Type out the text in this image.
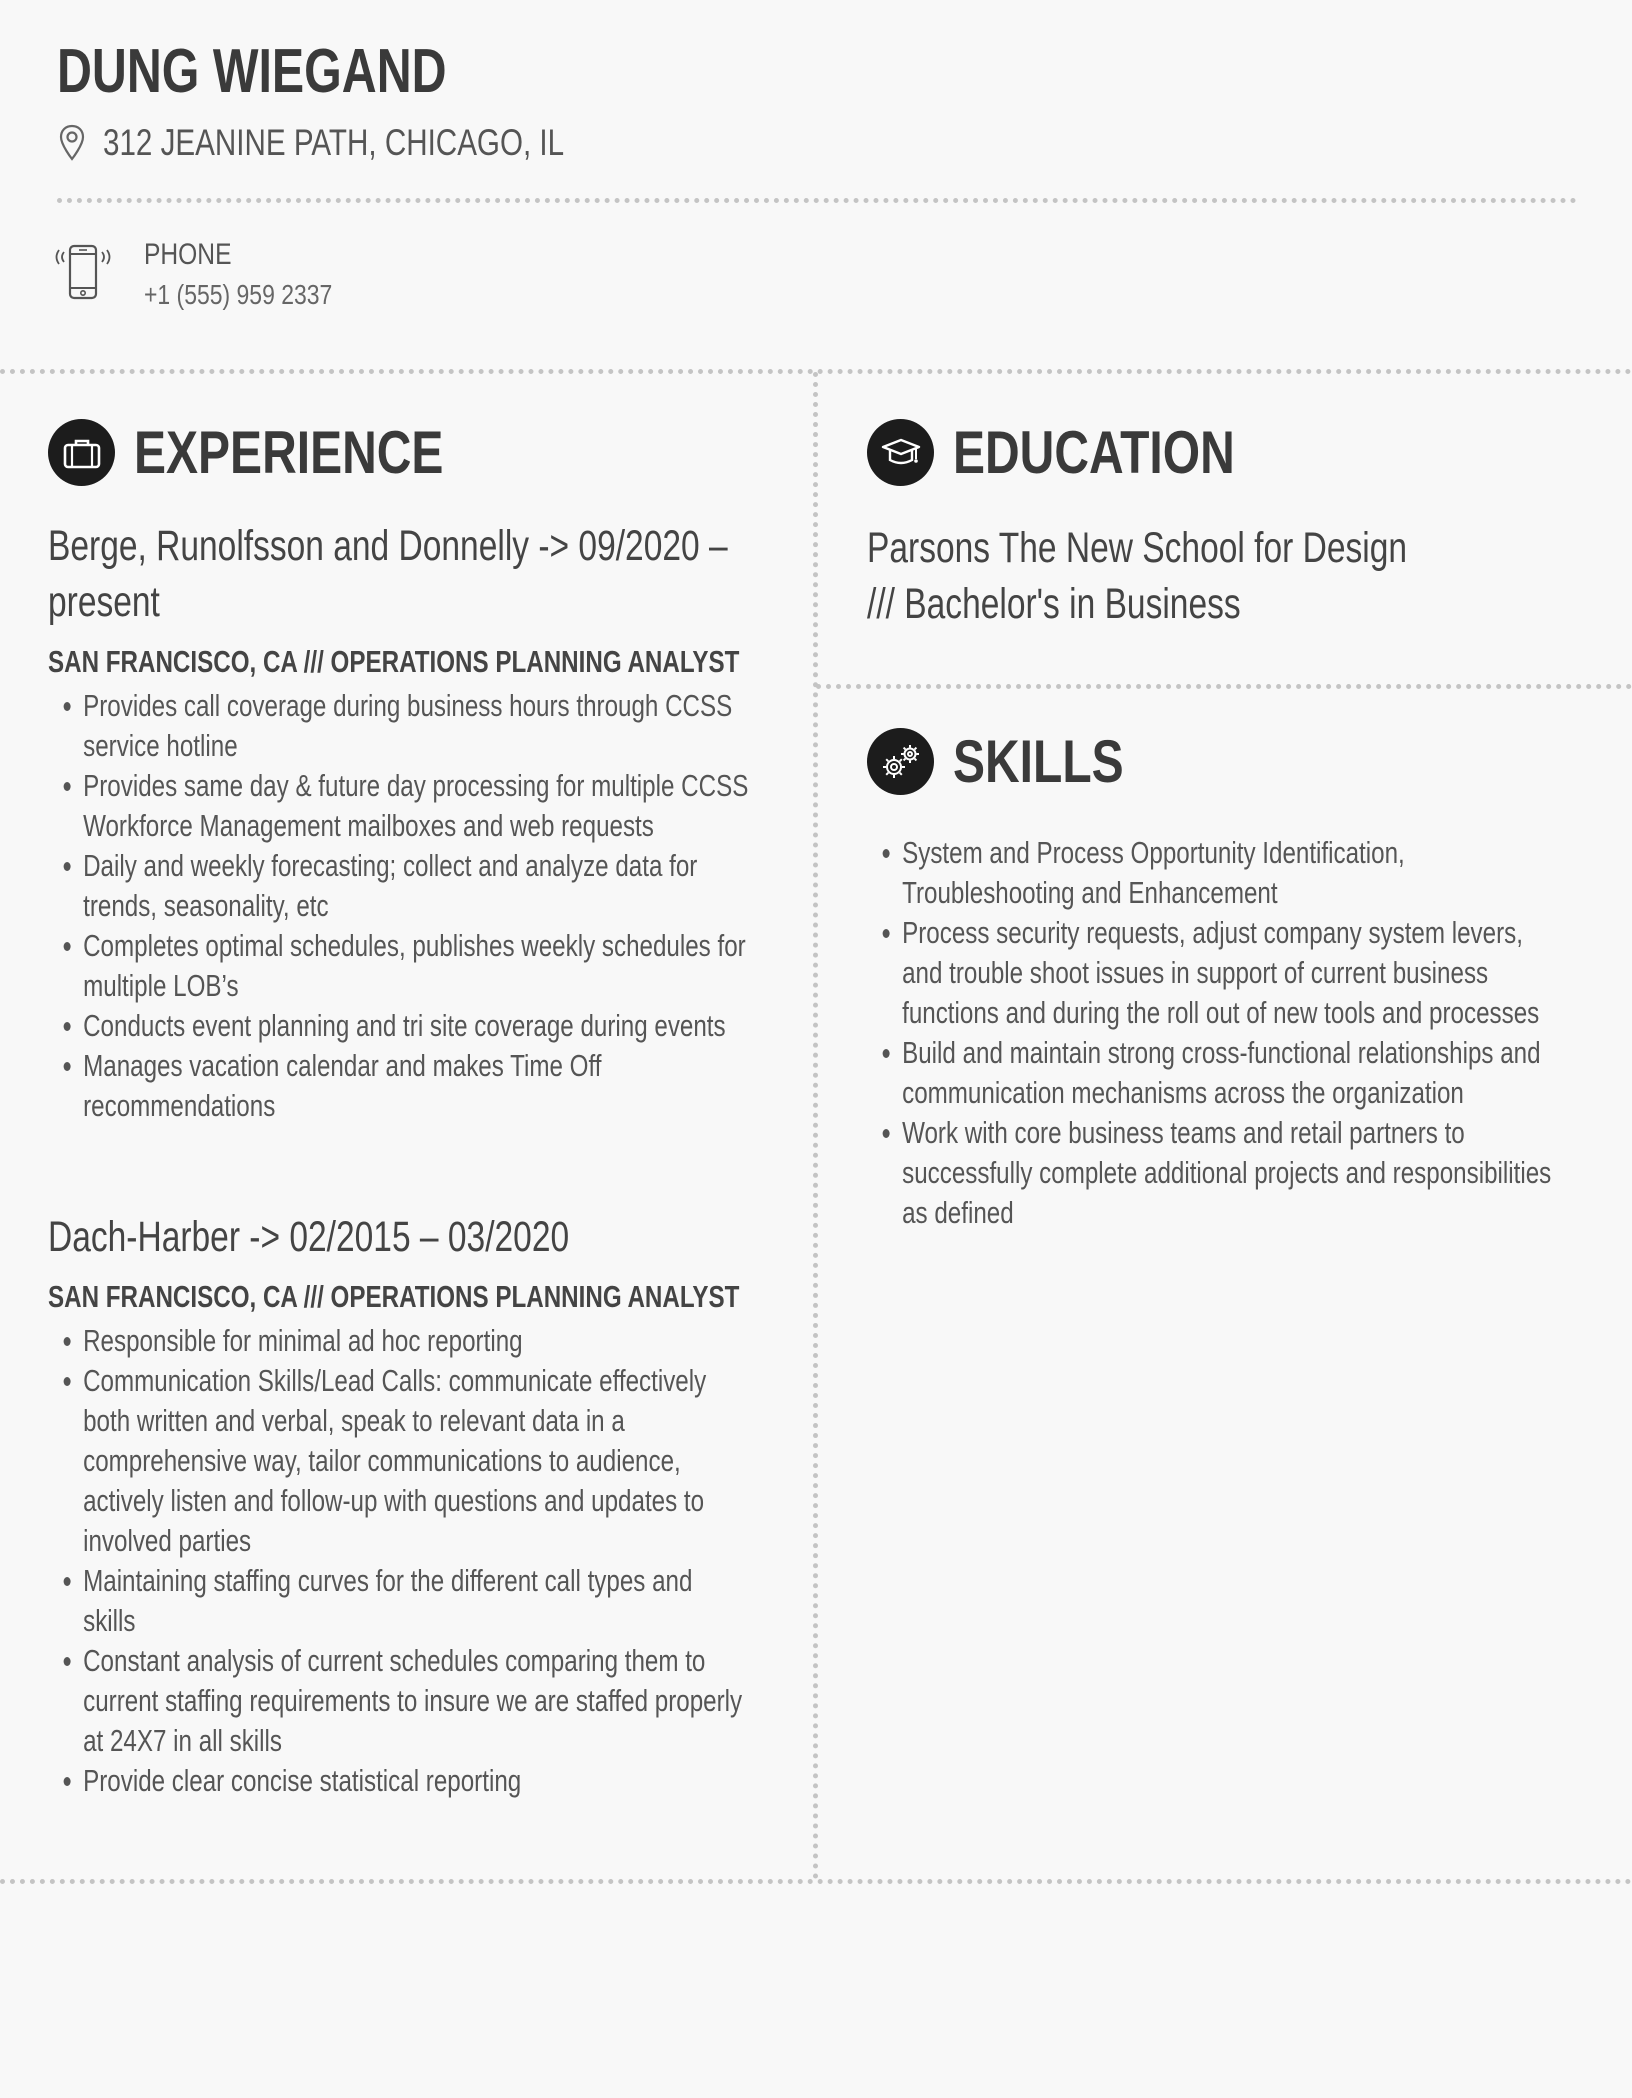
DUNG WIEGAND
312 JEANINE PATH, CHICAGO, IL
PHONE
+1 (555) 959 2337
EXPERIENCE

Berge, Runolfsson and Donnelly -> 09/2020 – present

SAN FRANCISCO, CA /// OPERATIONS PLANNING ANALYST
Provides call coverage during business hours through CCSS service hotline
Provides same day & future day processing for multiple CCSS Workforce Management mailboxes and web requests
Daily and weekly forecasting; collect and analyze data for trends, seasonality, etc
Completes optimal schedules, publishes weekly schedules for multiple LOB’s
Conducts event planning and tri site coverage during events
Manages vacation calendar and makes Time Off recommendations

Dach-Harber -> 02/2015 – 03/2020

SAN FRANCISCO, CA /// OPERATIONS PLANNING ANALYST
Responsible for minimal ad hoc reporting
Communication Skills/Lead Calls: communicate effectively both written and verbal, speak to relevant data in a comprehensive way, tailor communications to audience, actively listen and follow-up with questions and updates to involved parties
Maintaining staffing curves for the different call types and skills
Constant analysis of current schedules comparing them to current staffing requirements to insure we are staffed properly at 24X7 in all skills
Provide clear concise statistical reporting
EDUCATION

Parsons The New School for Design /// Bachelor's in Business

SKILLS
System and Process Opportunity Identification, Troubleshooting and Enhancement
Process security requests, adjust company system levers, and trouble shoot issues in support of current business functions and during the roll out of new tools and processes
Build and maintain strong cross-functional relationships and communication mechanisms across the organization
Work with core business teams and retail partners to successfully complete additional projects and responsibilities as defined
